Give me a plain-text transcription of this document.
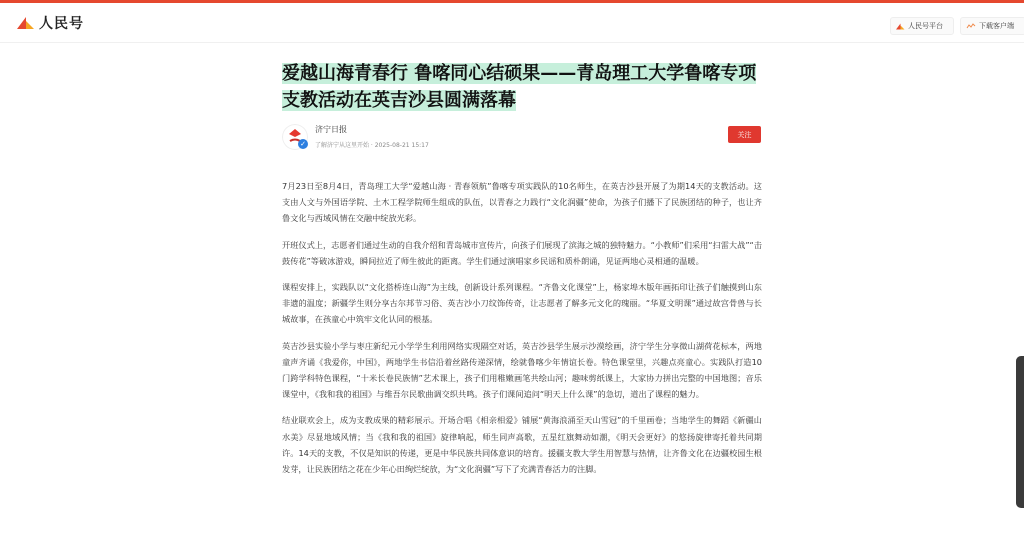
人民号	人民号平台	下载客户端
爱越山海青春行 鲁喀同心结硕果——青岛理工大学鲁喀专项支教活动在英吉沙县圆满落幕
✓
济宁日报
了解济宁从这里开始 · 2025-08-21 15:17
关注

7月23日至8月4日，青岛理工大学“爱越山海 · 青春领航”鲁喀专项实践队的10名师生，在英吉沙县开展了为期14天的支教活动。这支由人文与外国语学院、土木工程学院师生组成的队伍，以青春之力践行“文化润疆”使命，为孩子们播下了民族团结的种子，也让齐鲁文化与西域风情在交融中绽放光彩。

开班仪式上，志愿者们通过生动的自我介绍和青岛城市宣传片，向孩子们展现了滨海之城的独特魅力。“小教师”们采用“扫雷大战”“击鼓传花”等破冰游戏，瞬间拉近了师生彼此的距离。学生们通过演唱家乡民谣和质朴朗诵，见证两地心灵相通的温暖。

课程安排上，实践队以“文化搭桥连山海”为主线，创新设计系列课程。“齐鲁文化课堂”上，杨家埠木版年画拓印让孩子们触摸到山东非遗的温度；新疆学生则分享古尔邦节习俗、英吉沙小刀纹饰传奇，让志愿者了解多元文化的瑰丽。“华夏文明课”通过故宫骨兽与长城故事，在孩童心中筑牢文化认同的根基。

英吉沙县实验小学与枣庄新纪元小学学生利用网络实现隔空对话，英吉沙县学生展示沙漠绘画，济宁学生分享微山湖荷花标本，两地童声齐诵《我爱你，中国》，两地学生书信沿着丝路传递深情，绘就鲁喀少年情谊长卷。特色课堂里，兴趣点亮童心。实践队打造10门跨学科特色课程，“十米长卷民族情”艺术课上，孩子们用稚嫩画笔共绘山河；趣味剪纸课上，大家协力拼出完整的中国地图；音乐课堂中，《我和我的祖国》与维吾尔民歌曲调交织共鸣。孩子们课间追问“明天上什么课”的急切，道出了课程的魅力。

结业联欢会上，成为支教成果的精彩展示。开场合唱《相亲相爱》铺展“黄海浪涌至天山雪冠”的千里画卷；当地学生的舞蹈《新疆山水美》尽显地域风情；当《我和我的祖国》旋律响起，师生同声高歌，五星红旗舞动如潮，《明天会更好》的悠扬旋律寄托着共同期许。14天的支教，不仅是知识的传递，更是中华民族共同体意识的培育。援疆支教大学生用智慧与热情，让齐鲁文化在边疆校园生根发芽，让民族团结之花在少年心田绚烂绽放，为“文化润疆”写下了充满青春活力的注脚。
